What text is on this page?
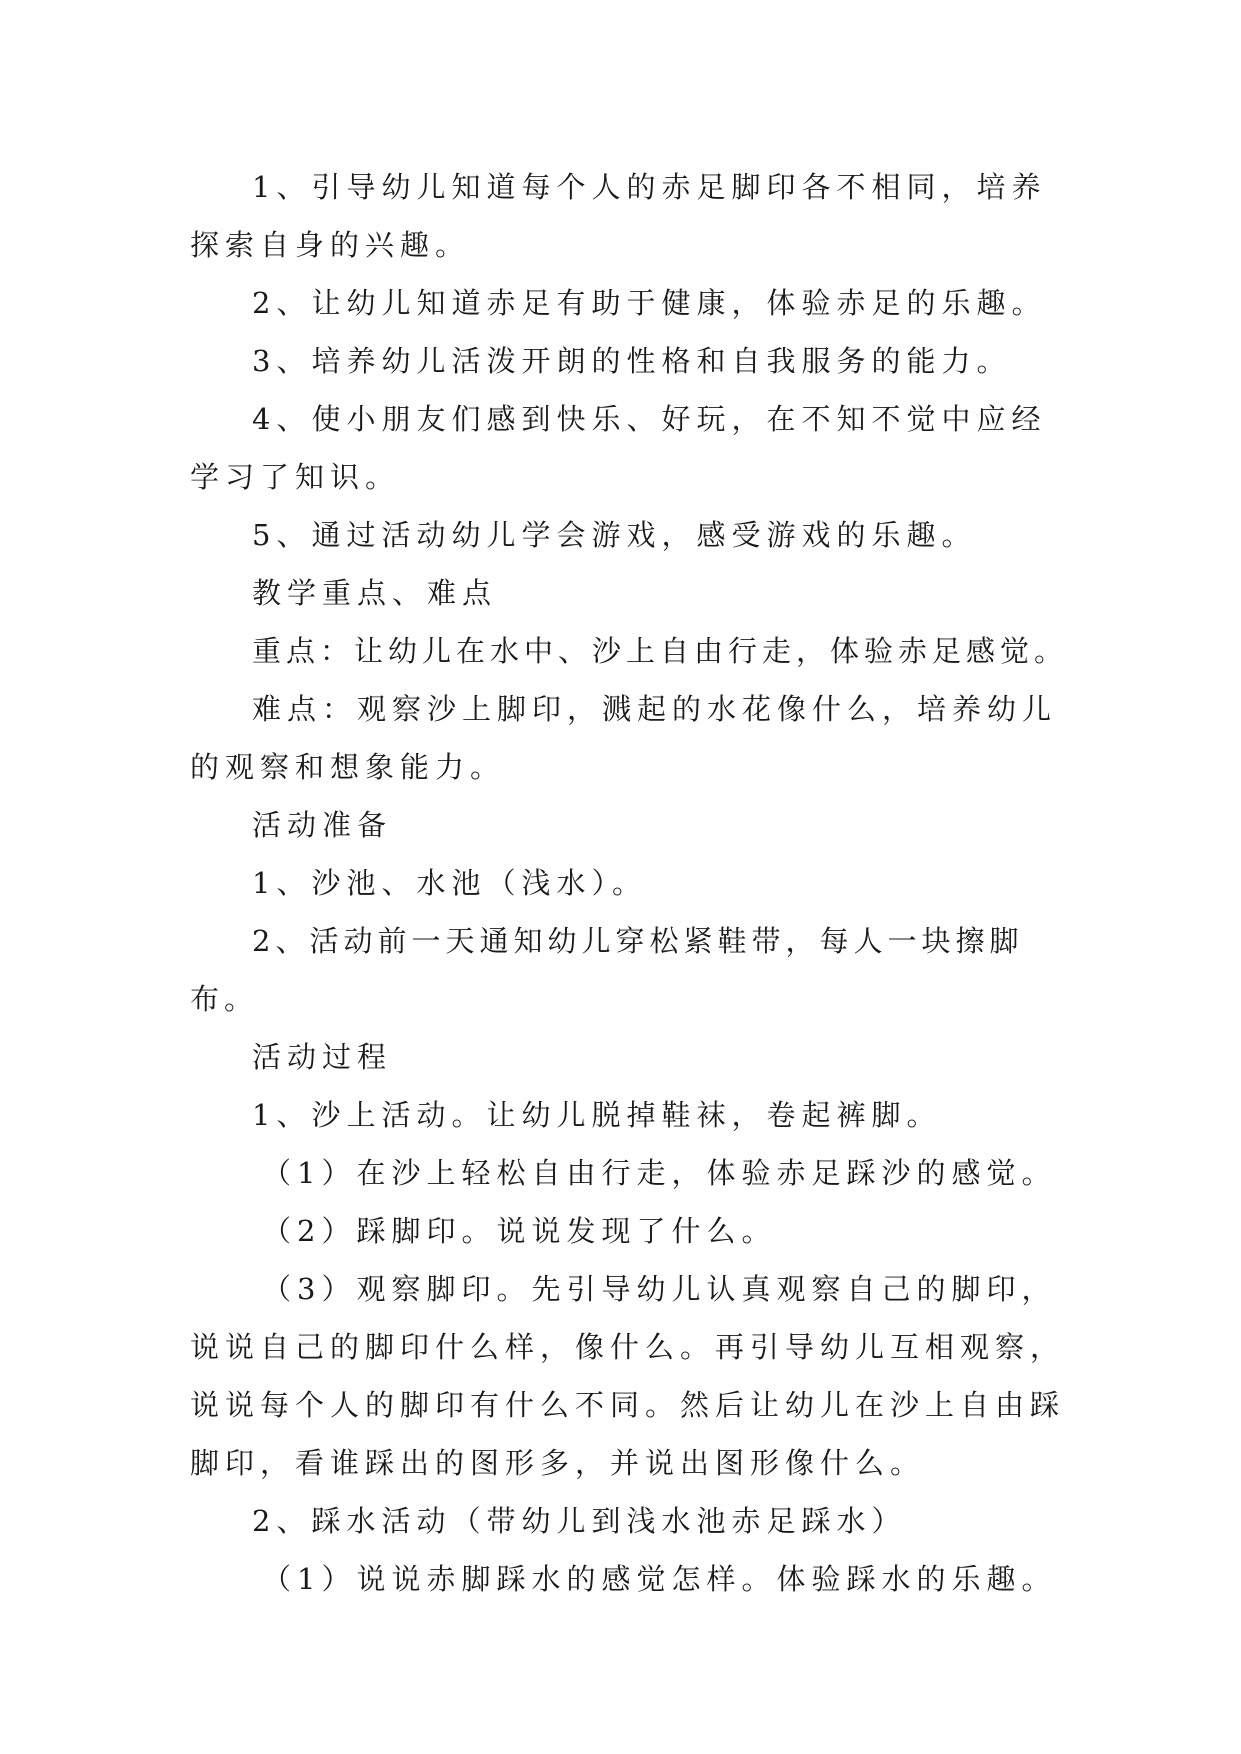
1、引导幼儿知道每个人的赤足脚印各不相同，培养探索自身的兴趣。

2、让幼儿知道赤足有助于健康，体验赤足的乐趣。

3、培养幼儿活泼开朗的性格和自我服务的能力。

4、使小朋友们感到快乐、好玩，在不知不觉中应经学习了知识。

5、通过活动幼儿学会游戏，感受游戏的乐趣。

教学重点、难点

重点：让幼儿在水中、沙上自由行走，体验赤足感觉。

难点：观察沙上脚印，溅起的水花像什么，培养幼儿的观察和想象能力。

活动准备

1、沙池、水池（浅水）。

2、活动前一天通知幼儿穿松紧鞋带，每人一块擦脚布。

活动过程

1、沙上活动。让幼儿脱掉鞋袜，卷起裤脚。

（1）在沙上轻松自由行走，体验赤足踩沙的感觉。

（2）踩脚印。说说发现了什么。

（3）观察脚印。先引导幼儿认真观察自己的脚印，说说自己的脚印什么样，像什么。再引导幼儿互相观察，说说每个人的脚印有什么不同。然后让幼儿在沙上自由踩脚印，看谁踩出的图形多，并说出图形像什么。

2、踩水活动（带幼儿到浅水池赤足踩水）

（1）说说赤脚踩水的感觉怎样。体验踩水的乐趣。
